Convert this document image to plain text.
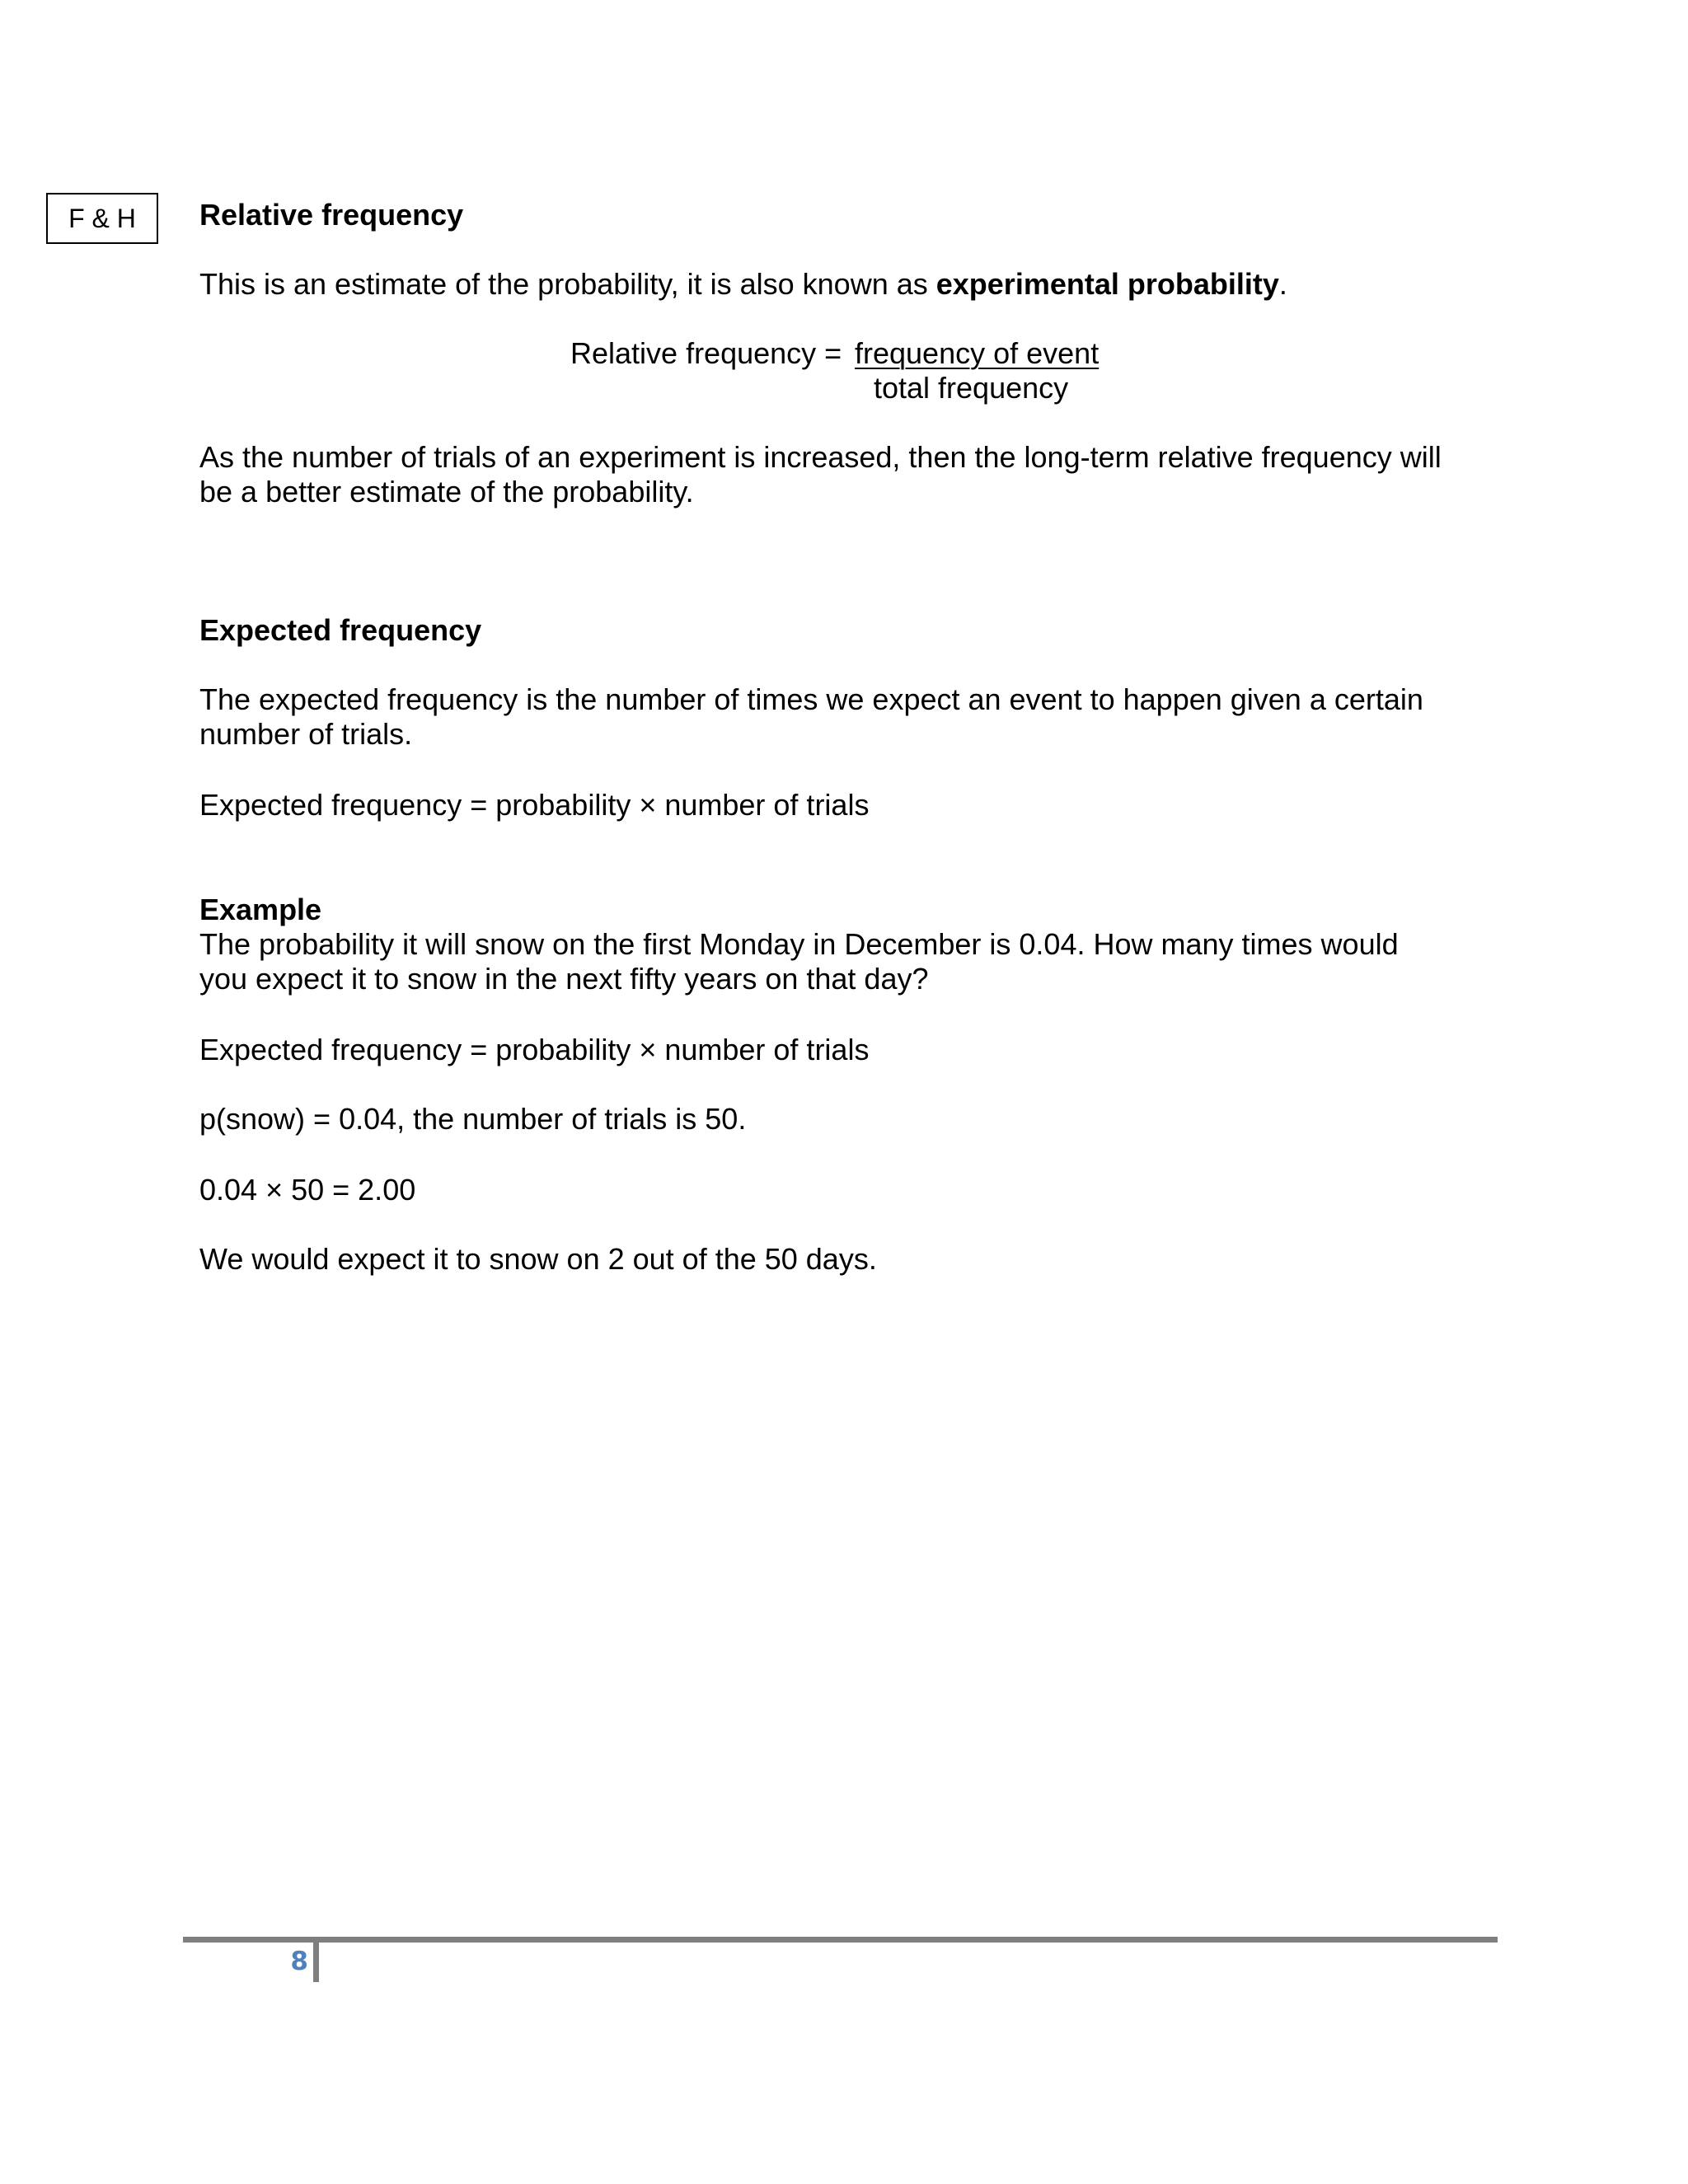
F & H	Relative frequency

This is an estimate of the probability, it is also known as experimental probability.

Relative frequency = frequency of event
total frequency

As the number of trials of an experiment is increased, then the long-term relative frequency will

be a better estimate of the probability.

Expected frequency

The expected frequency is the number of times we expect an event to happen given a certain

number of trials.

Expected frequency = probability × number of trials

Example

The probability it will snow on the first Monday in December is 0.04. How many times would

you expect it to snow in the next fifty years on that day?

Expected frequency = probability × number of trials

p(snow) = 0.04, the number of trials is 50.

0.04 × 50 = 2.00

We would expect it to snow on 2 out of the 50 days.

8
